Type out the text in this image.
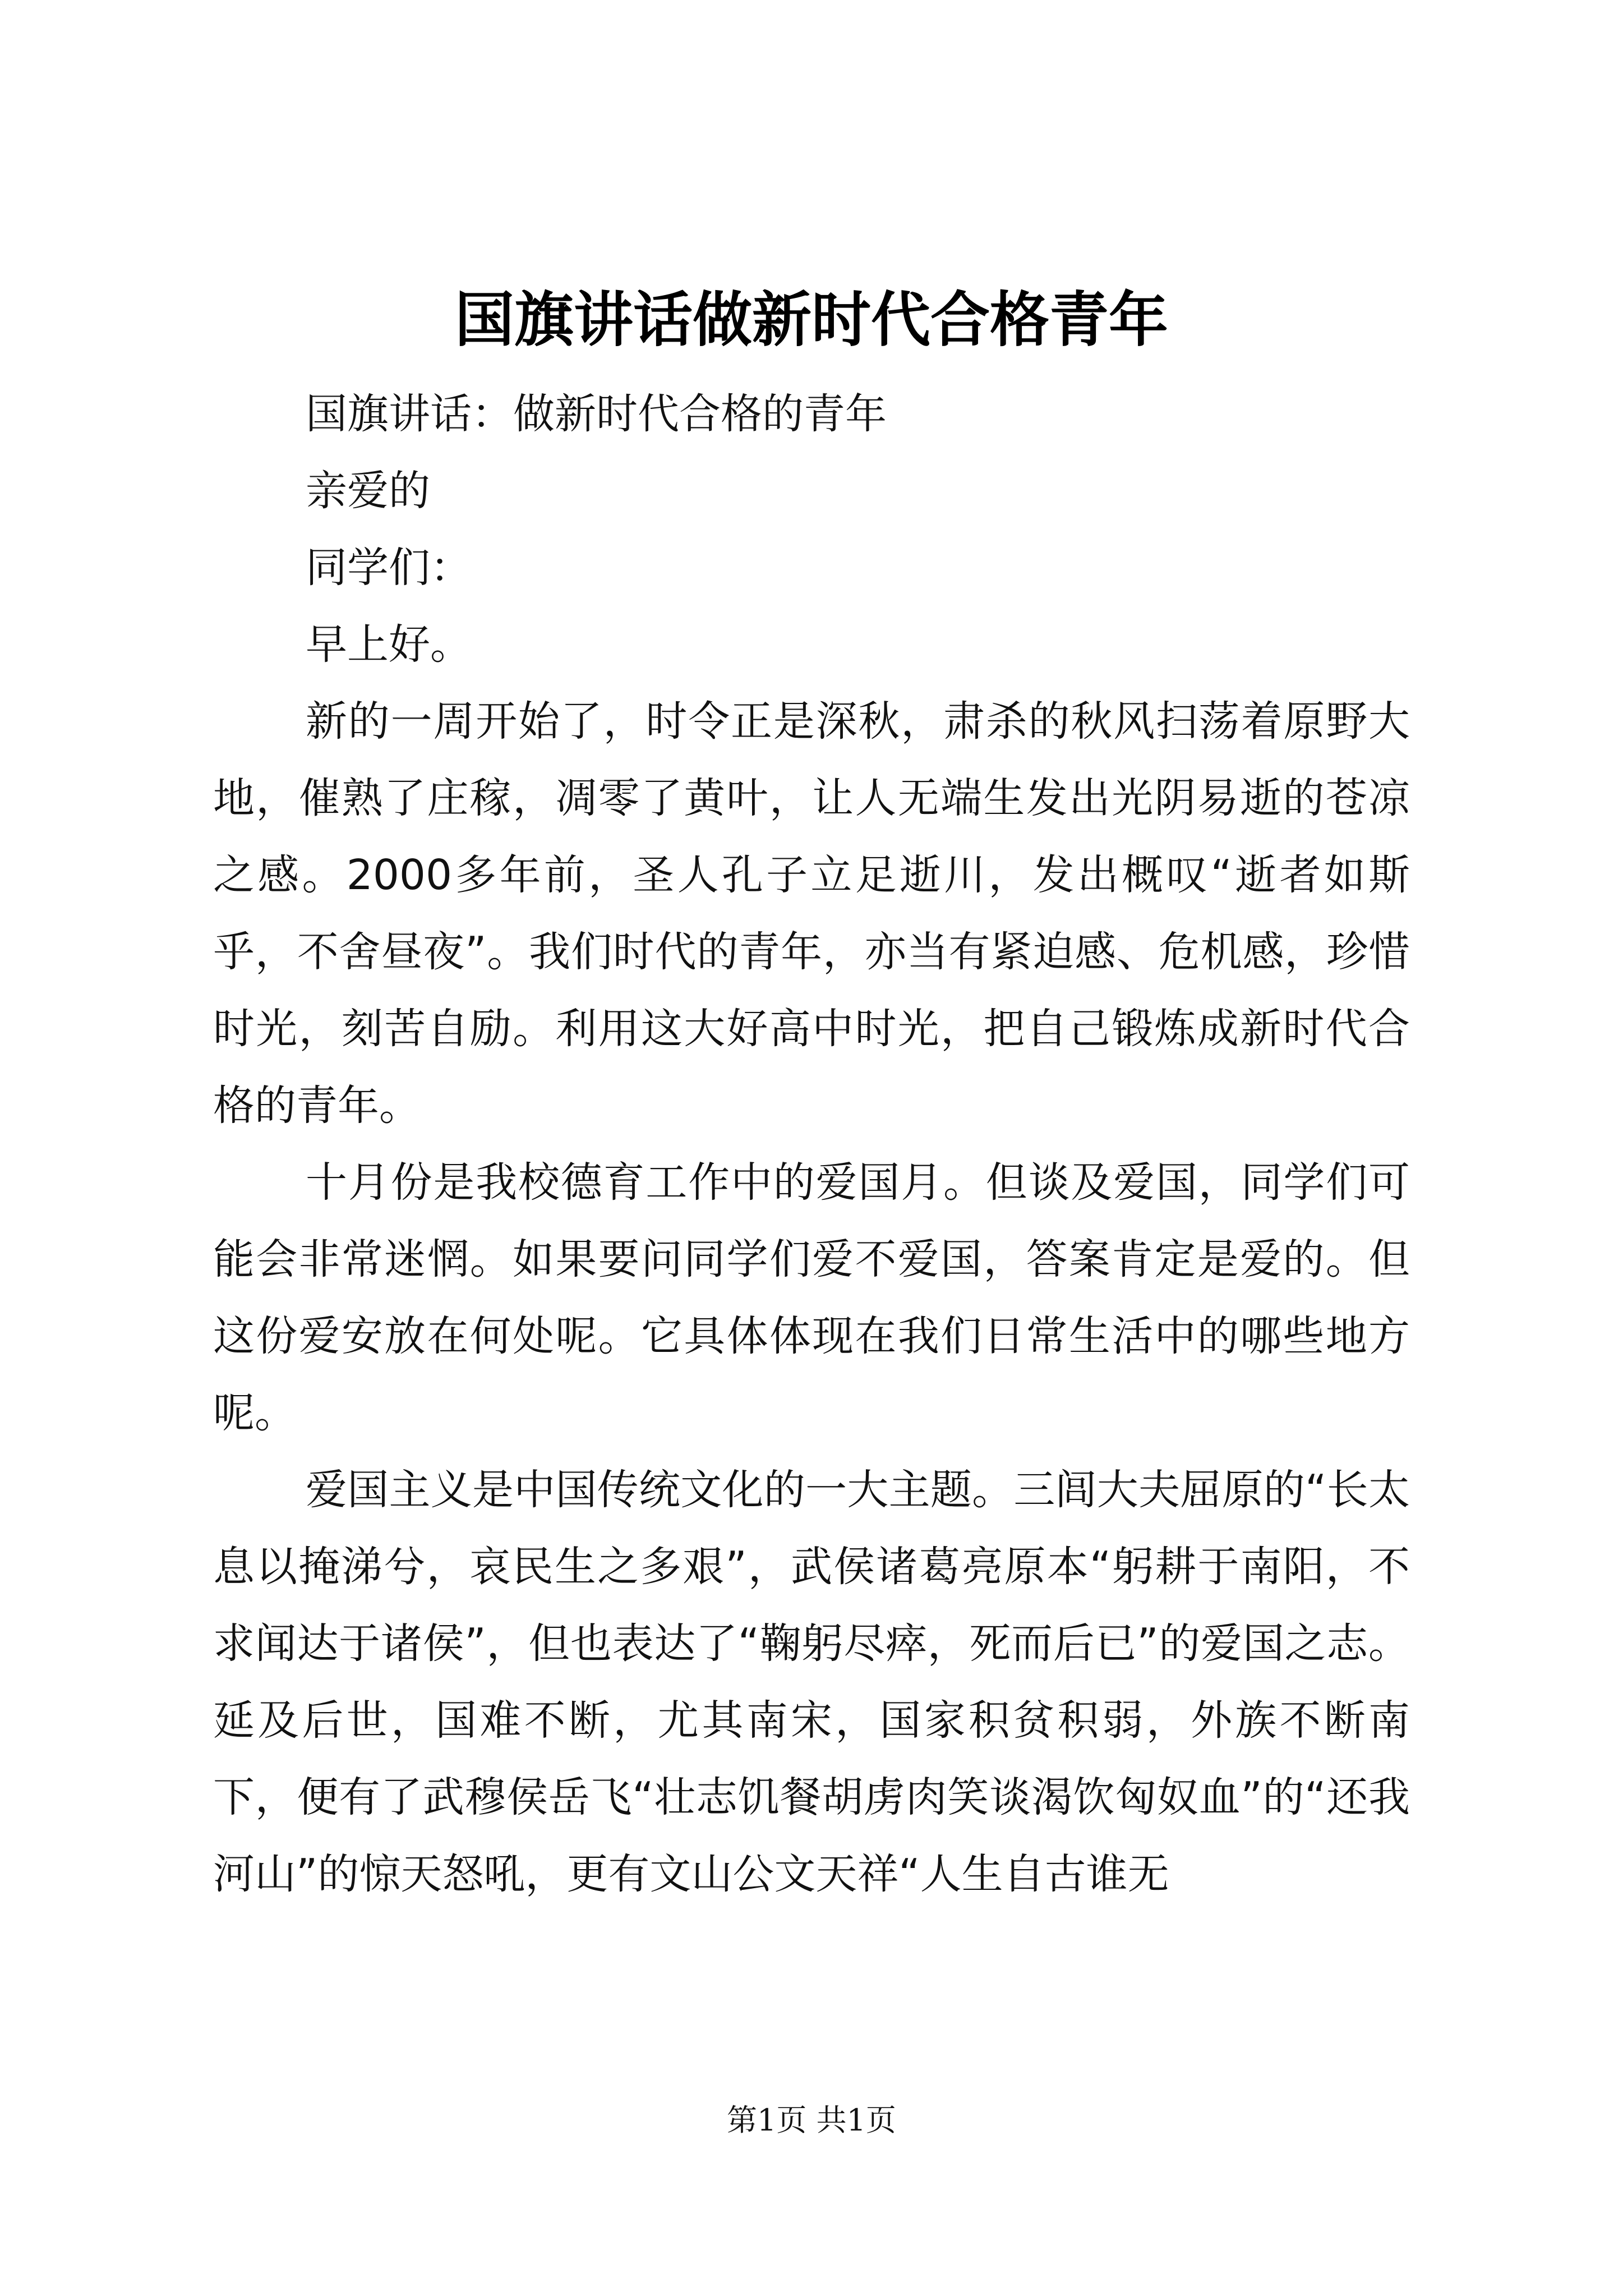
国旗讲话做新时代合格青年

国旗讲话：做新时代合格的青年

亲爱的

同学们：

早上好。

新的一周开始了，时令正是深秋，肃杀的秋风扫荡着原野大地，催熟了庄稼，凋零了黄叶，让人无端生发出光阴易逝的苍凉之感。2000多年前，圣人孔子立足逝川，发出概叹“逝者如斯乎，不舍昼夜”。我们时代的青年，亦当有紧迫感、危机感，珍惜时光，刻苦自励。利用这大好高中时光，把自己锻炼成新时代合格的青年。

十月份是我校德育工作中的爱国月。但谈及爱国，同学们可能会非常迷惘。如果要问同学们爱不爱国，答案肯定是爱的。但这份爱安放在何处呢。它具体体现在我们日常生活中的哪些地方呢。

爱国主义是中国传统文化的一大主题。三闾大夫屈原的“长太息以掩涕兮，哀民生之多艰”，武侯诸葛亮原本“躬耕于南阳，不求闻达于诸侯”，但也表达了“鞠躬尽瘁，死而后已”的爱国之志。延及后世，国难不断，尤其南宋，国家积贫积弱，外族不断南下，便有了武穆侯岳飞“壮志饥餐胡虏肉笑谈渴饮匈奴血”的“还我河山”的惊天怒吼，更有文山公文天祥“人生自古谁无

第1页 共1页
